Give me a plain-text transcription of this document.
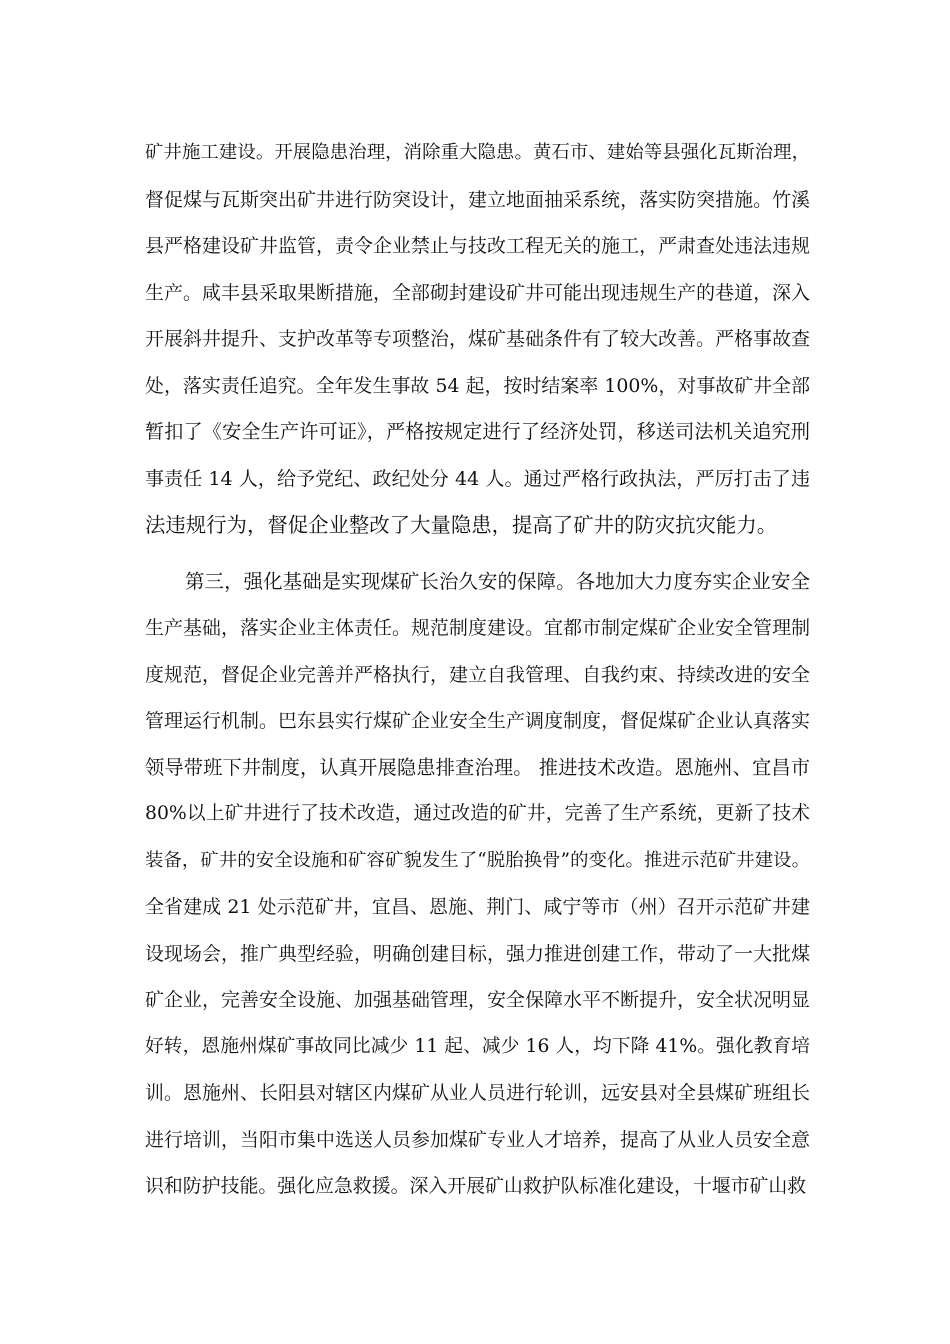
矿井施工建设。开展隐患治理，消除重大隐患。黄石市、建始等县强化瓦斯治理，
督促煤与瓦斯突出矿井进行防突设计，建立地面抽采系统，落实防突措施。竹溪
县严格建设矿井监管，责令企业禁止与技改工程无关的施工，严肃查处违法违规
生产。咸丰县采取果断措施，全部砌封建设矿井可能出现违规生产的巷道，深入
开展斜井提升、支护改革等专项整治，煤矿基础条件有了较大改善。严格事故查
处，落实责任追究。全年发生事故 54 起，按时结案率 100%，对事故矿井全部
暂扣了《安全生产许可证》，严格按规定进行了经济处罚，移送司法机关追究刑
事责任 14 人，给予党纪、政纪处分 44 人。通过严格行政执法，严厉打击了违
法违规行为，督促企业整改了大量隐患，提高了矿井的防灾抗灾能力。
第三，强化基础是实现煤矿长治久安的保障。各地加大力度夯实企业安全
生产基础，落实企业主体责任。规范制度建设。宜都市制定煤矿企业安全管理制
度规范，督促企业完善并严格执行，建立自我管理、自我约束、持续改进的安全
管理运行机制。巴东县实行煤矿企业安全生产调度制度，督促煤矿企业认真落实
领导带班下井制度，认真开展隐患排查治理。 推进技术改造。恩施州、宜昌市
80%以上矿井进行了技术改造，通过改造的矿井，完善了生产系统，更新了技术
装备，矿井的安全设施和矿容矿貌发生了“脱胎换骨”的变化。推进示范矿井建设。
全省建成 21 处示范矿井，宜昌、恩施、荆门、咸宁等市（州）召开示范矿井建
设现场会，推广典型经验，明确创建目标，强力推进创建工作，带动了一大批煤
矿企业，完善安全设施、加强基础管理，安全保障水平不断提升，安全状况明显
好转，恩施州煤矿事故同比减少 11 起、减少 16 人，均下降 41%。强化教育培
训。恩施州、长阳县对辖区内煤矿从业人员进行轮训，远安县对全县煤矿班组长
进行培训，当阳市集中选送人员参加煤矿专业人才培养，提高了从业人员安全意
识和防护技能。强化应急救援。深入开展矿山救护队标准化建设，十堰市矿山救
